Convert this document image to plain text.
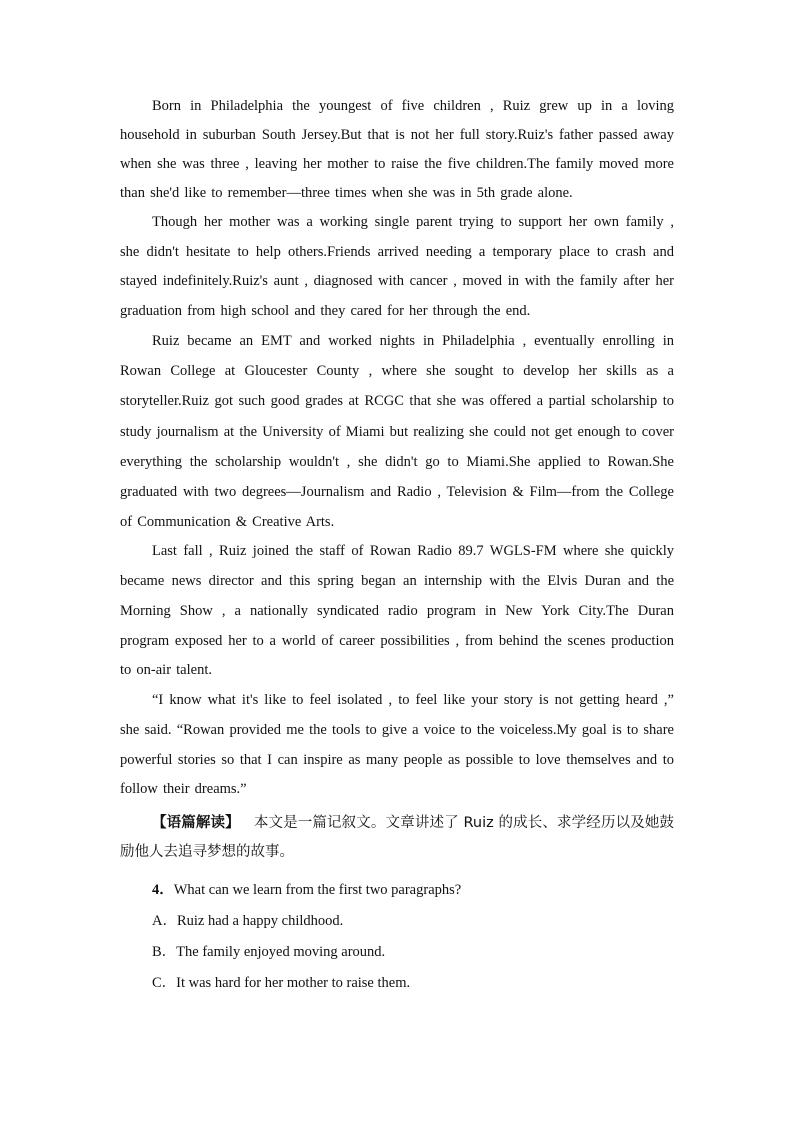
Born in Philadelphia the youngest of five children , Ruiz grew up in a loving household in suburban South Jersey.But that is not her full story.Ruiz's father passed away when she was three , leaving her mother to raise the five children.The family moved more than she'd like to remember—three times when she was in 5th grade alone.

Though her mother was a working single parent trying to support her own family , she didn't hesitate to help others.Friends arrived needing a temporary place to crash and stayed indefinitely.Ruiz's aunt , diagnosed with cancer , moved in with the family after her graduation from high school and they cared for her through the end.

Ruiz became an EMT and worked nights in Philadelphia , eventually enrolling in Rowan College at Gloucester County , where she sought to develop her skills as a storyteller.Ruiz got such good grades at RCGC that she was offered a partial scholarship to study journalism at the University of Miami but realizing she could not get enough to cover everything the scholarship wouldn't , she didn't go to Miami.She applied to Rowan.She graduated with two degrees—Journalism and Radio , Television & Film—from the College of Communication & Creative Arts.

Last fall , Ruiz joined the staff of Rowan Radio 89.7 WGLS-FM where she quickly became news director and this spring began an internship with the Elvis Duran and the Morning Show , a nationally syndicated radio program in New York City.The Duran program exposed her to a world of career possibilities , from behind the scenes production to on-air talent.

“I know what it's like to feel isolated , to feel like your story is not getting heard ,” she said. “Rowan provided me the tools to give a voice to the voiceless.My goal is to share powerful stories so that I can inspire as many people as possible to love themselves and to follow their dreams.”

【语篇解读】 本文是一篇记叙文。文章讲述了 Ruiz 的成长、求学经历以及她鼓励他人去追寻梦想的故事。

4．What can we learn from the first two paragraphs?
A．Ruiz had a happy childhood.
B．The family enjoyed moving around.
C．It was hard for her mother to raise them.
